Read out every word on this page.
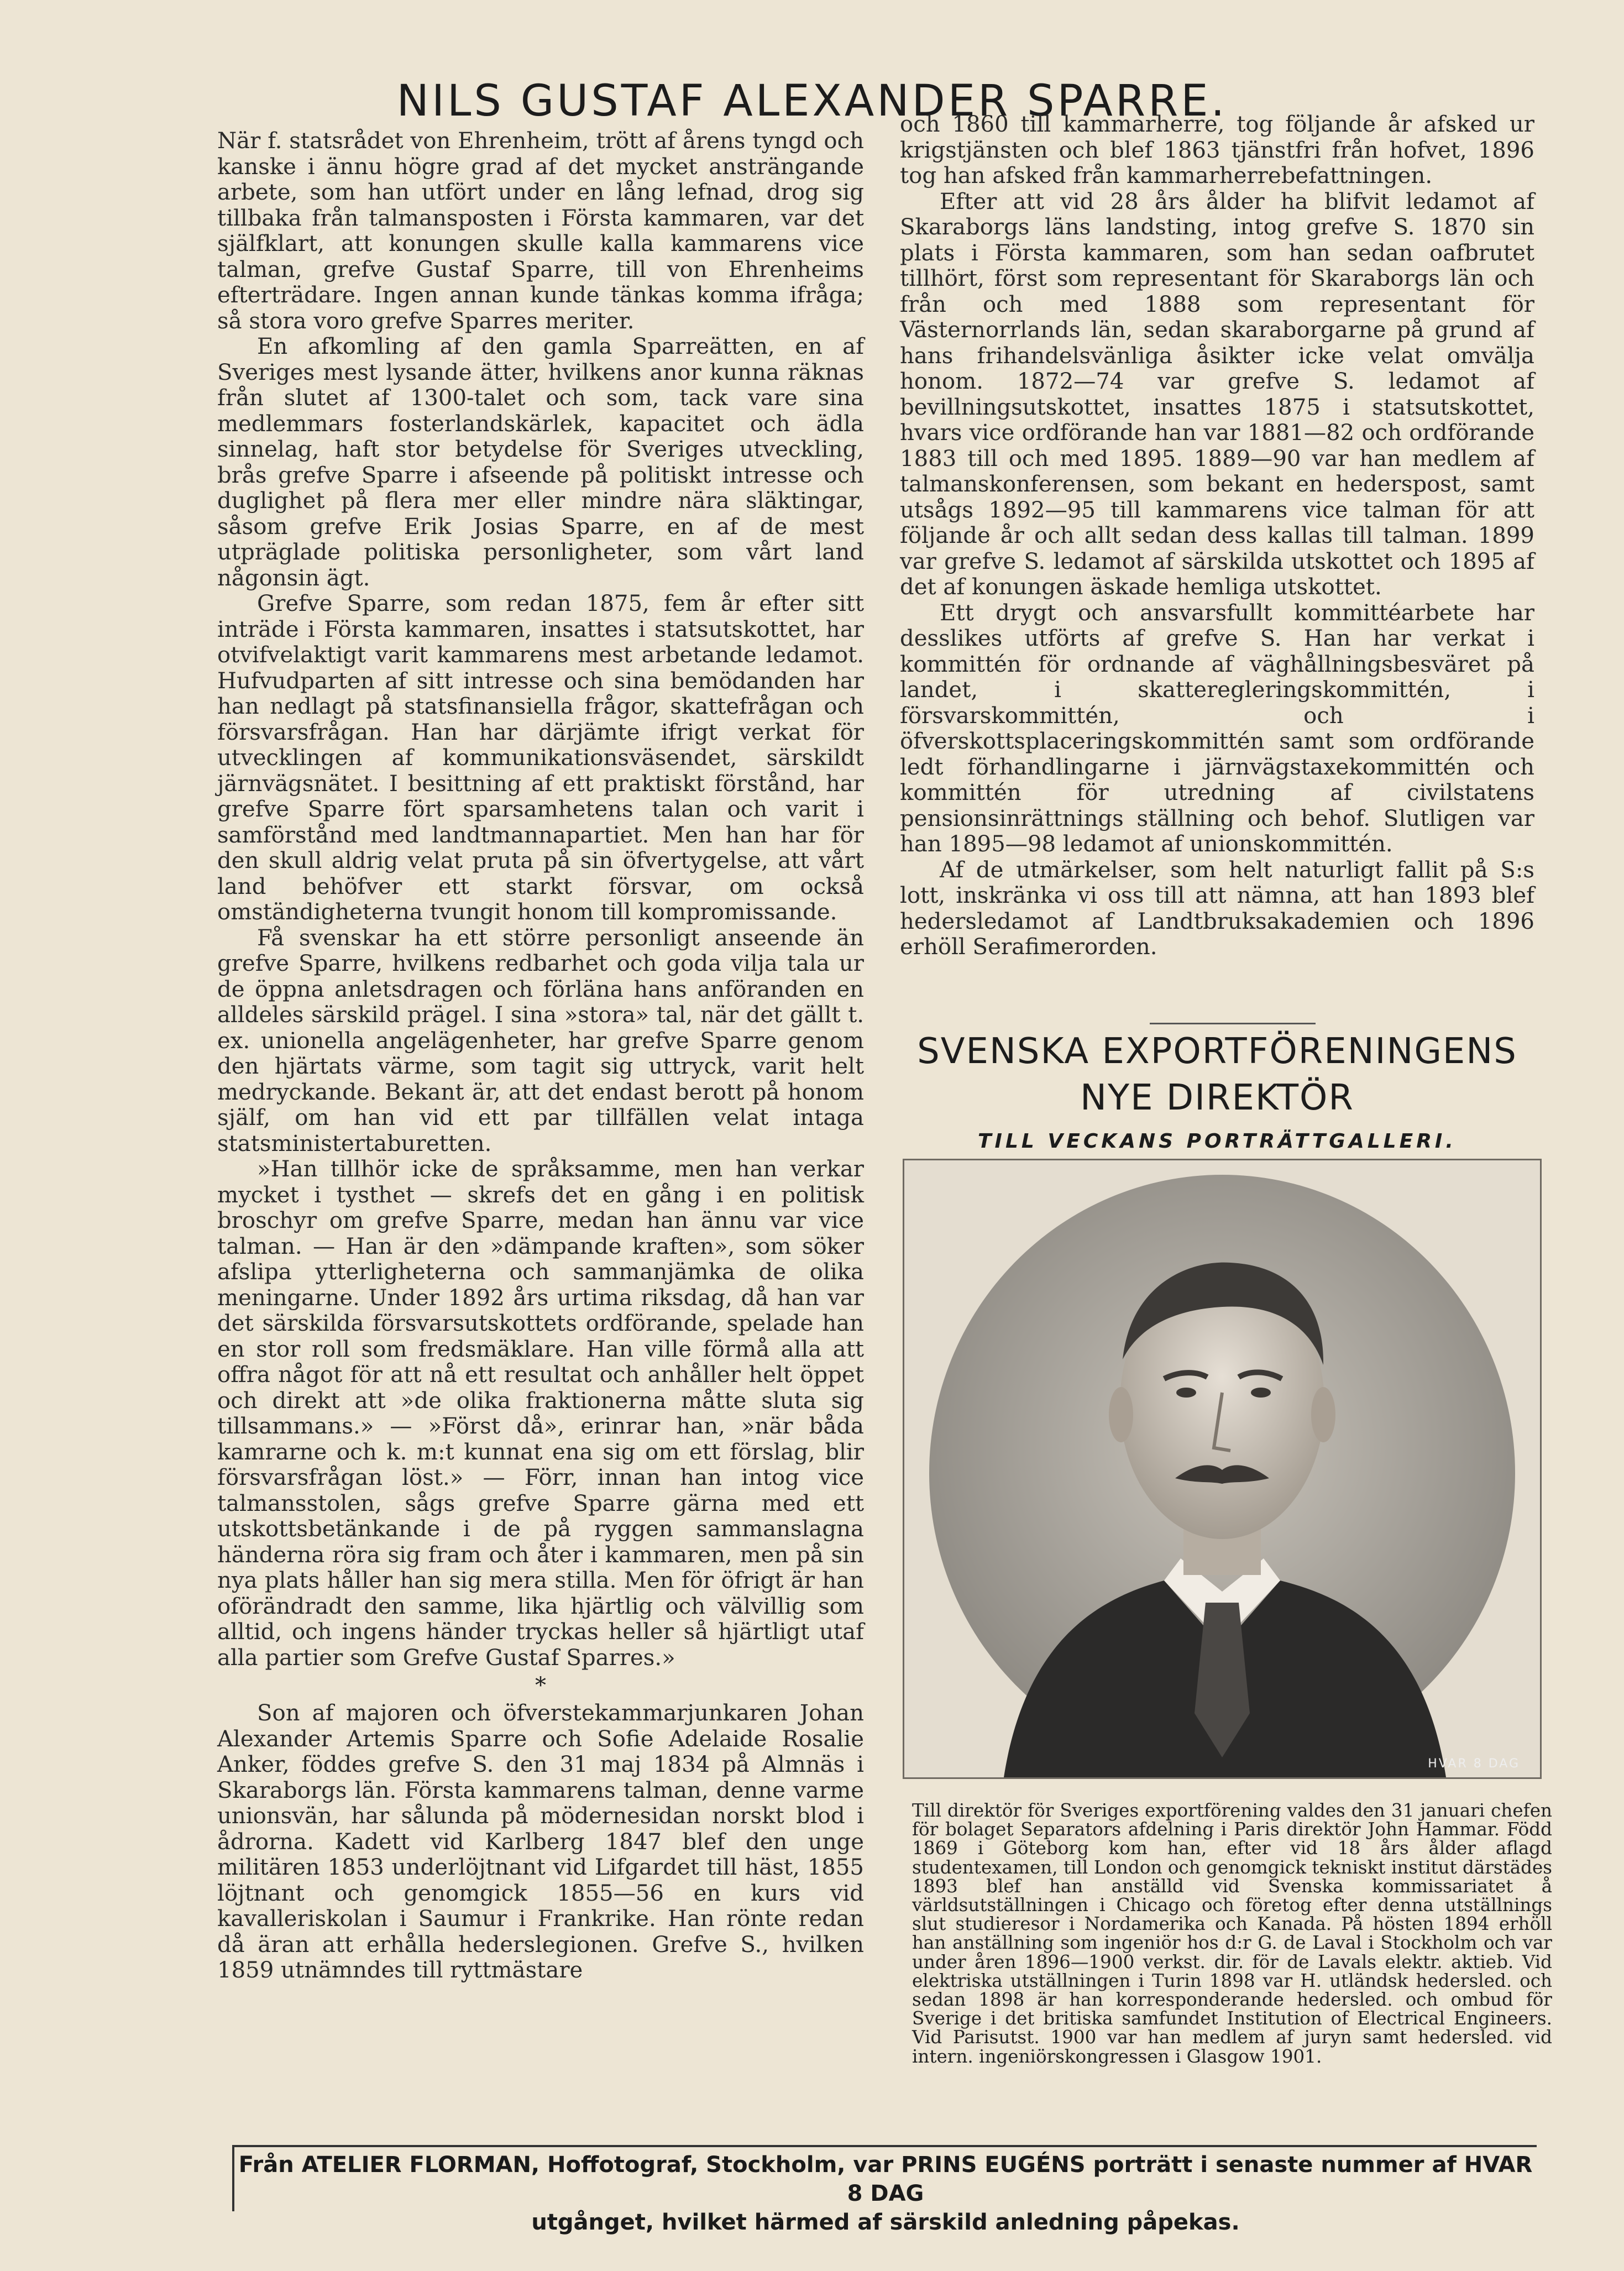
NILS GUSTAF ALEXANDER SPARRE.

När f. statsrådet von Ehrenheim, trött af årens tyngd och kanske i ännu högre grad af det mycket ansträngande arbete, som han utfört under en lång lefnad, drog sig tillbaka från talmansposten i Första kammaren, var det själfklart, att konungen skulle kalla kammarens vice talman, grefve Gustaf Sparre, till von Ehrenheims efterträdare. Ingen annan kunde tänkas komma ifråga; så stora voro grefve Sparres meriter.

En afkomling af den gamla Sparreätten, en af Sveriges mest lysande ätter, hvilkens anor kunna räknas från slutet af 1300-talet och som, tack vare sina medlemmars fosterlandskärlek, kapacitet och ädla sinnelag, haft stor betydelse för Sveriges utveckling, brås grefve Sparre i afseende på politiskt intresse och duglighet på flera mer eller mindre nära släktingar, såsom grefve Erik Josias Sparre, en af de mest utpräglade politiska personligheter, som vårt land någonsin ägt.

Grefve Sparre, som redan 1875, fem år efter sitt inträde i Första kammaren, insattes i statsutskottet, har otvifvelaktigt varit kammarens mest arbetande ledamot. Hufvudparten af sitt intresse och sina bemödanden har han nedlagt på statsfinansiella frågor, skattefrågan och försvarsfrågan. Han har därjämte ifrigt verkat för utvecklingen af kommunikationsväsendet, särskildt järnvägsnätet. I besittning af ett praktiskt förstånd, har grefve Sparre fört sparsamhetens talan och varit i samförstånd med landtmannapartiet. Men han har för den skull aldrig velat pruta på sin öfvertygelse, att vårt land behöfver ett starkt försvar, om också omständigheterna tvungit honom till kompromissande.

Få svenskar ha ett större personligt anseende än grefve Sparre, hvilkens redbarhet och goda vilja tala ur de öppna anletsdragen och förläna hans anföranden en alldeles särskild prägel. I sina »stora» tal, när det gällt t. ex. unionella angelägenheter, har grefve Sparre genom den hjärtats värme, som tagit sig uttryck, varit helt medryckande. Bekant är, att det endast berott på honom själf, om han vid ett par tillfällen velat intaga statsministertaburetten.

»Han tillhör icke de språksamme, men han verkar mycket i tysthet — skrefs det en gång i en politisk broschyr om grefve Sparre, medan han ännu var vice talman. — Han är den »dämpande kraften», som söker afslipa ytterligheterna och sammanjämka de olika meningarne. Under 1892 års urtima riksdag, då han var det särskilda försvarsutskottets ordförande, spelade han en stor roll som fredsmäklare. Han ville förmå alla att offra något för att nå ett resultat och anhåller helt öppet och direkt att »de olika fraktionerna måtte sluta sig tillsammans.» — »Först då», erinrar han, »när båda kamrarne och k. m:t kunnat ena sig om ett förslag, blir försvarsfrågan löst.» — Förr, innan han intog vice talmansstolen, sågs grefve Sparre gärna med ett utskottsbetänkande i de på ryggen sammanslagna händerna röra sig fram och åter i kammaren, men på sin nya plats håller han sig mera stilla. Men för öfrigt är han oförändradt den samme, lika hjärtlig och välvillig som alltid, och ingens händer tryckas heller så hjärtligt utaf alla partier som Grefve Gustaf Sparres.»

*

Son af majoren och öfverstekammarjunkaren Johan Alexander Artemis Sparre och Sofie Adelaide Rosalie Anker, föddes grefve S. den 31 maj 1834 på Almnäs i Skaraborgs län. Första kammarens talman, denne varme unionsvän, har sålunda på mödernesidan norskt blod i ådrorna. Kadett vid Karlberg 1847 blef den unge militären 1853 underlöjtnant vid Lifgardet till häst, 1855 löjtnant och genomgick 1855—56 en kurs vid kavalleriskolan i Saumur i Frankrike. Han rönte redan då äran att erhålla hederslegionen. Grefve S., hvilken 1859 utnämndes till ryttmästare

och 1860 till kammarherre, tog följande år afsked ur krigstjänsten och blef 1863 tjänstfri från hofvet, 1896 tog han afsked från kammarherrebefattningen.

Efter att vid 28 års ålder ha blifvit ledamot af Skaraborgs läns landsting, intog grefve S. 1870 sin plats i Första kammaren, som han sedan oafbrutet tillhört, först som representant för Skaraborgs län och från och med 1888 som representant för Västernorrlands län, sedan skaraborgarne på grund af hans frihandelsvänliga åsikter icke velat omvälja honom. 1872—74 var grefve S. ledamot af bevillningsutskottet, insattes 1875 i statsutskottet, hvars vice ordförande han var 1881—82 och ordförande 1883 till och med 1895. 1889—90 var han medlem af talmanskonferensen, som bekant en hederspost, samt utsågs 1892—95 till kammarens vice talman för att följande år och allt sedan dess kallas till talman. 1899 var grefve S. ledamot af särskilda utskottet och 1895 af det af konungen äskade hemliga utskottet.

Ett drygt och ansvarsfullt kommittéarbete har desslikes utförts af grefve S. Han har verkat i kommittén för ordnande af väghållningsbesväret på landet, i skatteregleringskommittén, i försvarskommittén, och i öfverskottsplaceringskommittén samt som ordförande ledt förhandlingarne i järnvägstaxekommittén och kommittén för utredning af civilstatens pensionsinrättnings ställning och behof. Slutligen var han 1895—98 ledamot af unionskommittén.

Af de utmärkelser, som helt naturligt fallit på S:s lott, inskränka vi oss till att nämna, att han 1893 blef hedersledamot af Landtbruksakademien och 1896 erhöll Serafimerorden.

SVENSKA EXPORTFÖRENINGENS
NYE DIREKTÖR
TILL VECKANS PORTRÄTTGALLERI.
HVAR 8 DAG
Till direktör för Sveriges exportförening valdes den 31 januari chefen för bolaget Separators afdelning i Paris direktör John Hammar. Född 1869 i Göteborg kom han, efter vid 18 års ålder aflagd studentexamen, till London och genomgick tekniskt institut därstädes 1893 blef han anställd vid Svenska kommissariatet å världsutställningen i Chicago och företog efter denna utställnings slut studieresor i Nordamerika och Kanada. På hösten 1894 erhöll han anställning som ingeniör hos d:r G. de Laval i Stockholm och var under åren 1896—1900 verkst. dir. för de Lavals elektr. aktieb. Vid elektriska utställningen i Turin 1898 var H. utländsk hedersled. och sedan 1898 är han korresponderande hedersled. och ombud för Sverige i det britiska samfundet Institution of Electrical Engineers. Vid Parisutst. 1900 var han medlem af juryn samt hedersled. vid intern. ingeniörskongressen i Glasgow 1901.
Från ATELIER FLORMAN, Hoffotograf, Stockholm, var PRINS EUGÉNS porträtt i senaste nummer af HVAR 8 DAG
utgånget, hvilket härmed af särskild anledning påpekas.
